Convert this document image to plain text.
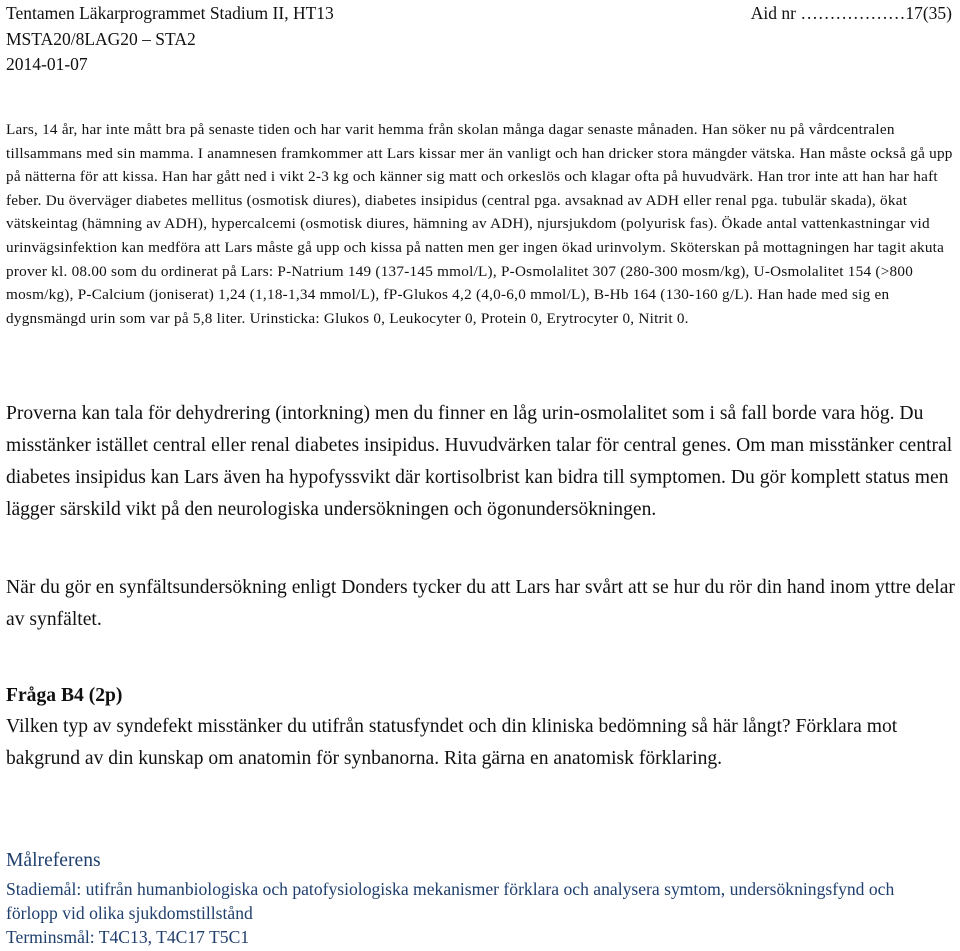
Tentamen Läkarprogrammet Stadium II, HT13
MSTA20/8LAG20 – STA2
2014-01-07
Aid nr ………………17(35)
Lars, 14 år, har inte mått bra på senaste tiden och har varit hemma från skolan många dagar senaste månaden. Han söker nu på vårdcentralen tillsammans med sin mamma. I anamnesen framkommer att Lars kissar mer än vanligt och han dricker stora mängder vätska. Han måste också gå upp på nätterna för att kissa. Han har gått ned i vikt 2-3 kg och känner sig matt och orkeslös och klagar ofta på huvudvärk. Han tror inte att han har haft feber. Du överväger diabetes mellitus (osmotisk diures), diabetes insipidus (central pga. avsaknad av ADH eller renal pga. tubulär skada), ökat vätskeintag (hämning av ADH), hypercalcemi (osmotisk diures, hämning av ADH), njursjukdom (polyurisk fas). Ökade antal vattenkastningar vid urinvägsinfektion kan medföra att Lars måste gå upp och kissa på natten men ger ingen ökad urinvolym. Sköterskan på mottagningen har tagit akuta prover kl. 08.00 som du ordinerat på Lars: P-Natrium 149 (137-145 mmol/L), P-Osmolalitet 307 (280-300 mosm/kg), U-Osmolalitet 154 (>800 mosm/kg), P-Calcium (joniserat) 1,24 (1,18-1,34 mmol/L), fP-Glukos 4,2 (4,0-6,0 mmol/L), B-Hb 164 (130-160 g/L). Han hade med sig en dygnsmängd urin som var på 5,8 liter. Urinsticka: Glukos 0, Leukocyter 0, Protein 0, Erytrocyter 0, Nitrit 0.
Proverna kan tala för dehydrering (intorkning) men du finner en låg urin-osmolalitet som i så fall borde vara hög. Du misstänker istället central eller renal diabetes insipidus. Huvudvärken talar för central genes. Om man misstänker central diabetes insipidus kan Lars även ha hypofyssvikt där kortisolbrist kan bidra till symptomen. Du gör komplett status men lägger särskild vikt på den neurologiska undersökningen och ögonundersökningen.
När du gör en synfältsundersökning enligt Donders tycker du att Lars har svårt att se hur du rör din hand inom yttre delar av synfältet.
Fråga B4 (2p)
Vilken typ av syndefekt misstänker du utifrån statusfyndet och din kliniska bedömning så här långt? Förklara mot bakgrund av din kunskap om anatomin för synbanorna. Rita gärna en anatomisk förklaring.
Målreferens
Stadiemål: utifrån humanbiologiska och patofysiologiska mekanismer förklara och analysera symtom, undersökningsfynd och förlopp vid olika sjukdomstillstånd
Terminsmål: T4C13, T4C17 T5C1
